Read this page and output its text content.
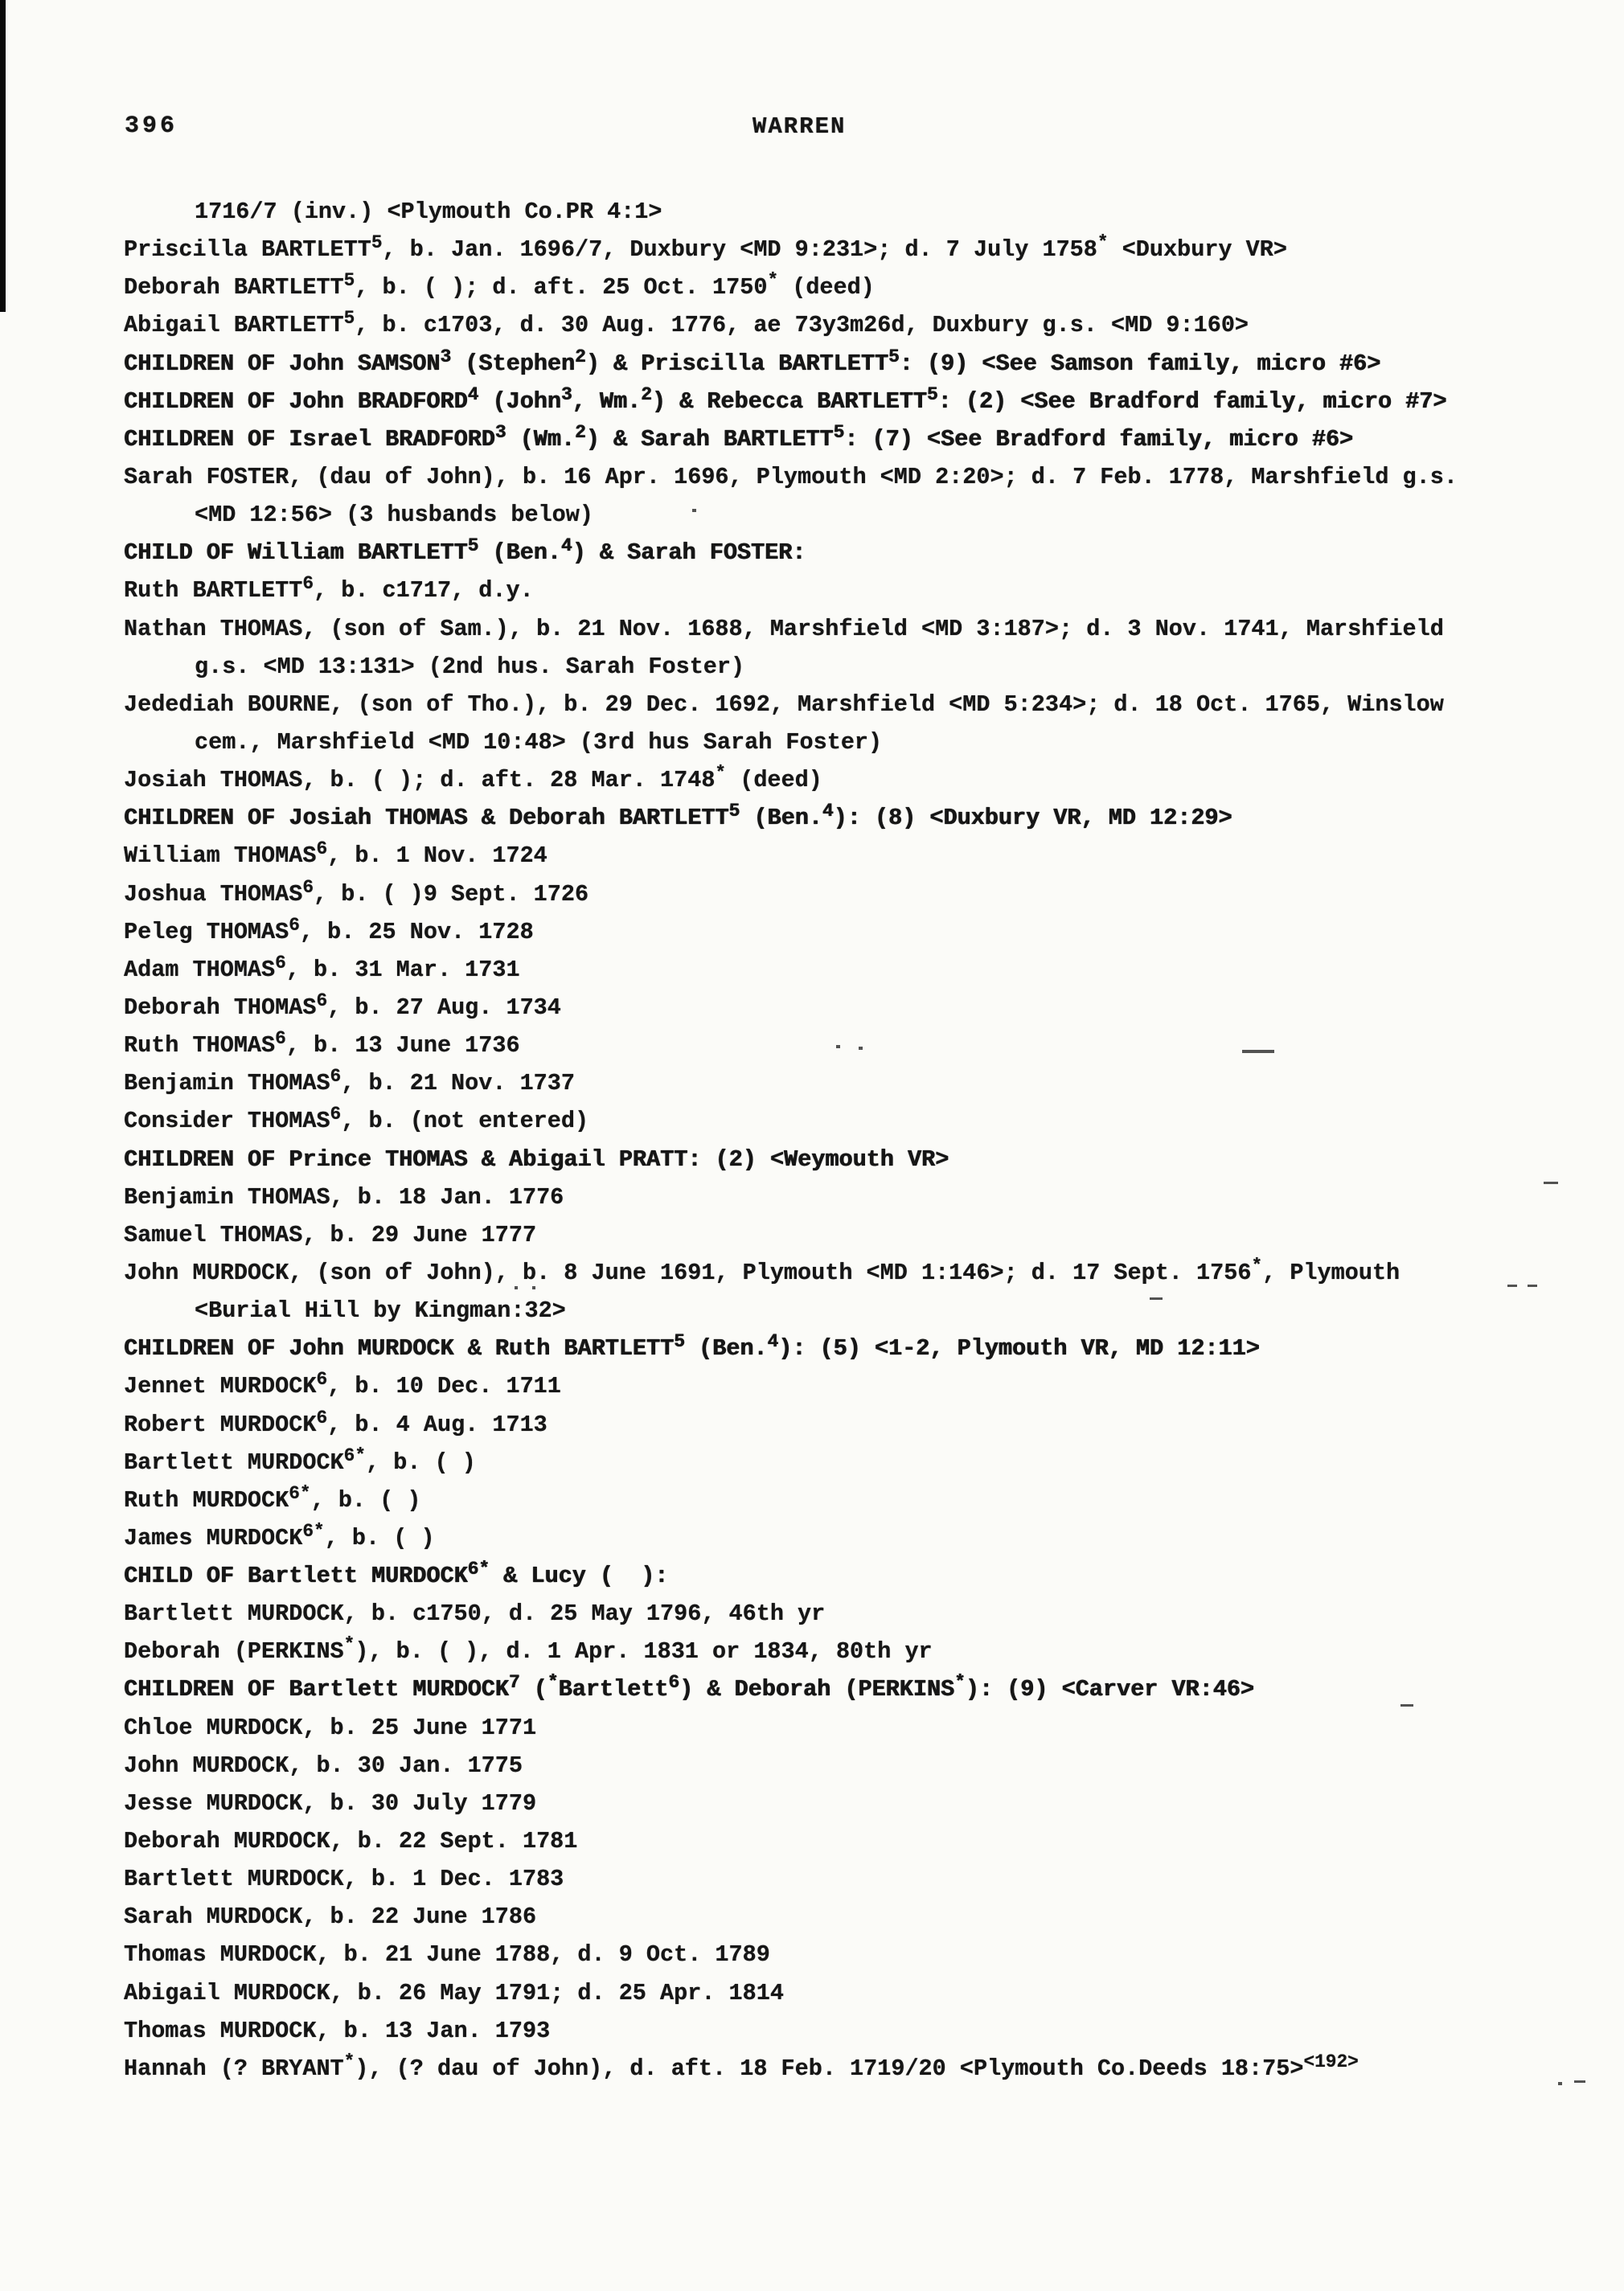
396	WARREN
1716/7 (inv.) <Plymouth Co.PR 4:1>
Priscilla BARTLETT$^5$, b. Jan. 1696/7, Duxbury <MD 9:231>; d. 7 July 1758* <Duxbury VR>
Deborah BARTLETT$^5$, b. ( ); d. aft. 25 Oct. 1750* (deed)
Abigail BARTLETT$^5$, b. c1703, d. 30 Aug. 1776, ae 73y3m26d, Duxbury g.s. <MD 9:160>
CHILDREN OF John SAMSON$^3$ (Stephen$^2$) & Priscilla BARTLETT$^5$: (9) <See Samson family, micro #6>
CHILDREN OF John BRADFORD$^4$ (John$^3$, Wm.$^2$) & Rebecca BARTLETT$^5$: (2) <See Bradford family, micro #7>
CHILDREN OF Israel BRADFORD$^3$ (Wm.$^2$) & Sarah BARTLETT$^5$: (7) <See Bradford family, micro #6>
Sarah FOSTER, (dau of John), b. 16 Apr. 1696, Plymouth <MD 2:20>; d. 7 Feb. 1778, Marshfield g.s.
<MD 12:56> (3 husbands below)
CHILD OF William BARTLETT$^5$ (Ben.$^4$) & Sarah FOSTER:
Ruth BARTLETT$^6$, b. c1717, d.y.
Nathan THOMAS, (son of Sam.), b. 21 Nov. 1688, Marshfield <MD 3:187>; d. 3 Nov. 1741, Marshfield
g.s. <MD 13:131> (2nd hus. Sarah Foster)
Jedediah BOURNE, (son of Tho.), b. 29 Dec. 1692, Marshfield <MD 5:234>; d. 18 Oct. 1765, Winslow
cem., Marshfield <MD 10:48> (3rd hus Sarah Foster)
Josiah THOMAS, b. ( ); d. aft. 28 Mar. 1748* (deed)
CHILDREN OF Josiah THOMAS & Deborah BARTLETT$^5$ (Ben.$^4$): (8) <Duxbury VR, MD 12:29>
William THOMAS$^6$, b. 1 Nov. 1724
Joshua THOMAS$^6$, b. ( )9 Sept. 1726
Peleg THOMAS$^6$, b. 25 Nov. 1728
Adam THOMAS$^6$, b. 31 Mar. 1731
Deborah THOMAS$^6$, b. 27 Aug. 1734
Ruth THOMAS$^6$, b. 13 June 1736
Benjamin THOMAS$^6$, b. 21 Nov. 1737
Consider THOMAS$^6$, b. (not entered)
CHILDREN OF Prince THOMAS & Abigail PRATT: (2) <Weymouth VR>
Benjamin THOMAS, b. 18 Jan. 1776
Samuel THOMAS, b. 29 June 1777
John MURDOCK, (son of John), b. 8 June 1691, Plymouth <MD 1:146>; d. 17 Sept. 1756*, Plymouth
<Burial Hill by Kingman:32>
CHILDREN OF John MURDOCK & Ruth BARTLETT$^5$ (Ben.$^4$): (5) <1-2, Plymouth VR, MD 12:11>
Jennet MURDOCK$^6$, b. 10 Dec. 1711
Robert MURDOCK$^6$, b. 4 Aug. 1713
Bartlett $MURDOCK^{6*}$, b. ( )
Ruth $MURDOCK^{6*}$, b. ( )
James $MURDOCK^{6*}$, b. ( )
CHILD OF Bartlett $MURDOCK^{6*}$ & Lucy (  ):
Bartlett MURDOCK, b. c1750, d. 25 May 1796, 46th yr
Deborah (PERKINS*), b. ( ), d. 1 Apr. 1831 or 1834, 80th yr
CHILDREN OF Bartlett MURDOCK$^7$ (*Bartlett$^6$) & Deborah (PERKINS*): (9) <Carver VR:46>
Chloe MURDOCK, b. 25 June 1771
John MURDOCK, b. 30 Jan. 1775
Jesse MURDOCK, b. 30 July 1779
Deborah MURDOCK, b. 22 Sept. 1781
Bartlett MURDOCK, b. 1 Dec. 1783
Sarah MURDOCK, b. 22 June 1786
Thomas MURDOCK, b. 21 June 1788, d. 9 Oct. 1789
Abigail MURDOCK, b. 26 May 1791; d. 25 Apr. 1814
Thomas MURDOCK, b. 13 Jan. 1793
Hannah (? BRYANT*), (? dau of John), d. aft. 18 Feb. 1719/20 <Plymouth Co.Deeds 18:75>$^{<192>}$
